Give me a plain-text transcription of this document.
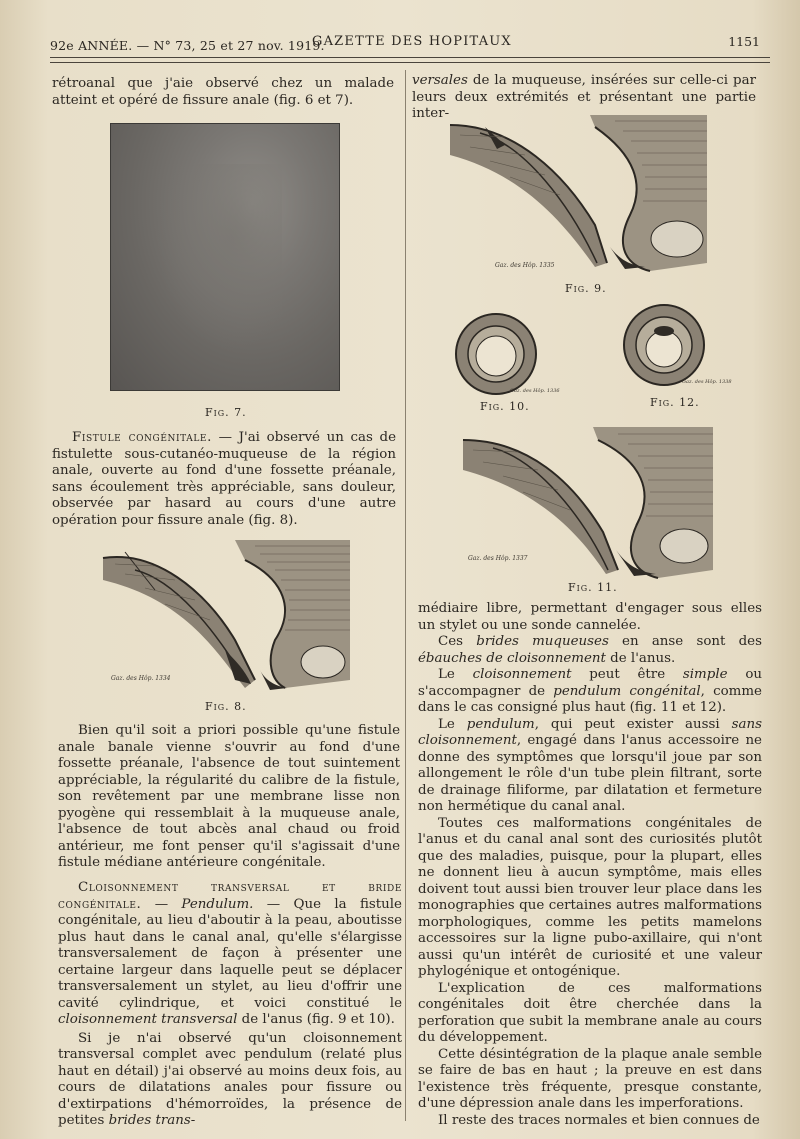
92e ANNÉE. — N° 73, 25 et 27 nov. 1919.
GAZETTE DES HOPITAUX	1151

rétroanal que j'aie observé chez un malade atteint et opéré de fissure anale (fig. 6 et 7).

Fig. 7.

Fistule congénitale. — J'ai observé un cas de fistulette sous-cutanéo-muqueuse de la région anale, ouverte au fond d'une fossette préanale, sans écoulement très appréciable, sans douleur, observée par hasard au cours d'une autre opération pour fissure anale (fig. 8).

Gaz. des Hôp. 1334
Fig. 8.

Bien qu'il soit a priori possible qu'une fistule anale banale vienne s'ouvrir au fond d'une fossette préanale, l'absence de tout suintement appréciable, la régularité du calibre de la fistule, son revêtement par une membrane lisse non pyogène qui ressemblait à la muqueuse anale, l'absence de tout abcès anal chaud ou froid antérieur, me font penser qu'il s'agissait d'une fistule médiane antérieure congénitale.

Cloisonnement transversal et bride congénitale. — Pendulum. — Que la fistule congénitale, au lieu d'aboutir à la peau, aboutisse plus haut dans le canal anal, qu'elle s'élargisse transversalement de façon à présenter une certaine largeur dans laquelle peut se déplacer transversalement un stylet, au lieu d'offrir une cavité cylindrique, et voici constitué le cloisonnement transversal de l'anus (fig. 9 et 10).

Si je n'ai observé qu'un cloisonnement transversal complet avec pendulum (relaté plus haut en détail) j'ai observé au moins deux fois, au cours de dilatations anales pour fissure ou d'extirpations d'hémorroïdes, la présence de petites brides trans-

versales de la muqueuse, insérées sur celle-ci par leurs deux extrémités et présentant une partie inter-

Gaz. des Hôp. 1335
Fig. 9.
Gaz. des Hôp. 1336
Fig. 10.
Gaz. des Hôp. 1338
Fig. 12.
Gaz. des Hôp. 1337
Fig. 11.

médiaire libre, permettant d'engager sous elles un stylet ou une sonde cannelée.

Ces brides muqueuses en anse sont des ébauches de cloisonnement de l'anus.

Le cloisonnement peut être simple ou s'accompagner de pendulum congénital, comme dans le cas consigné plus haut (fig. 11 et 12).

Le pendulum, qui peut exister aussi sans cloisonnement, engagé dans l'anus accessoire ne donne des symptômes que lorsqu'il joue par son allongement le rôle d'un tube plein filtrant, sorte de drainage filiforme, par dilatation et fermeture non hermétique du canal anal.

Toutes ces malformations congénitales de l'anus et du canal anal sont des curiosités plutôt que des maladies, puisque, pour la plupart, elles ne donnent lieu à aucun symptôme, mais elles doivent tout aussi bien trouver leur place dans les monographies que certaines autres malformations morphologiques, comme les petits mamelons accessoires sur la ligne pubo-axillaire, qui n'ont aussi qu'un intérêt de curiosité et une valeur phylogénique et ontogénique.

L'explication de ces malformations congénitales doit être cherchée dans la perforation que subit la membrane anale au cours du développement.

Cette désintégration de la plaque anale semble se faire de bas en haut ; la preuve en est dans l'existence très fréquente, presque constante, d'une dépression anale dans les imperforations.

Il reste des traces normales et bien connues de
